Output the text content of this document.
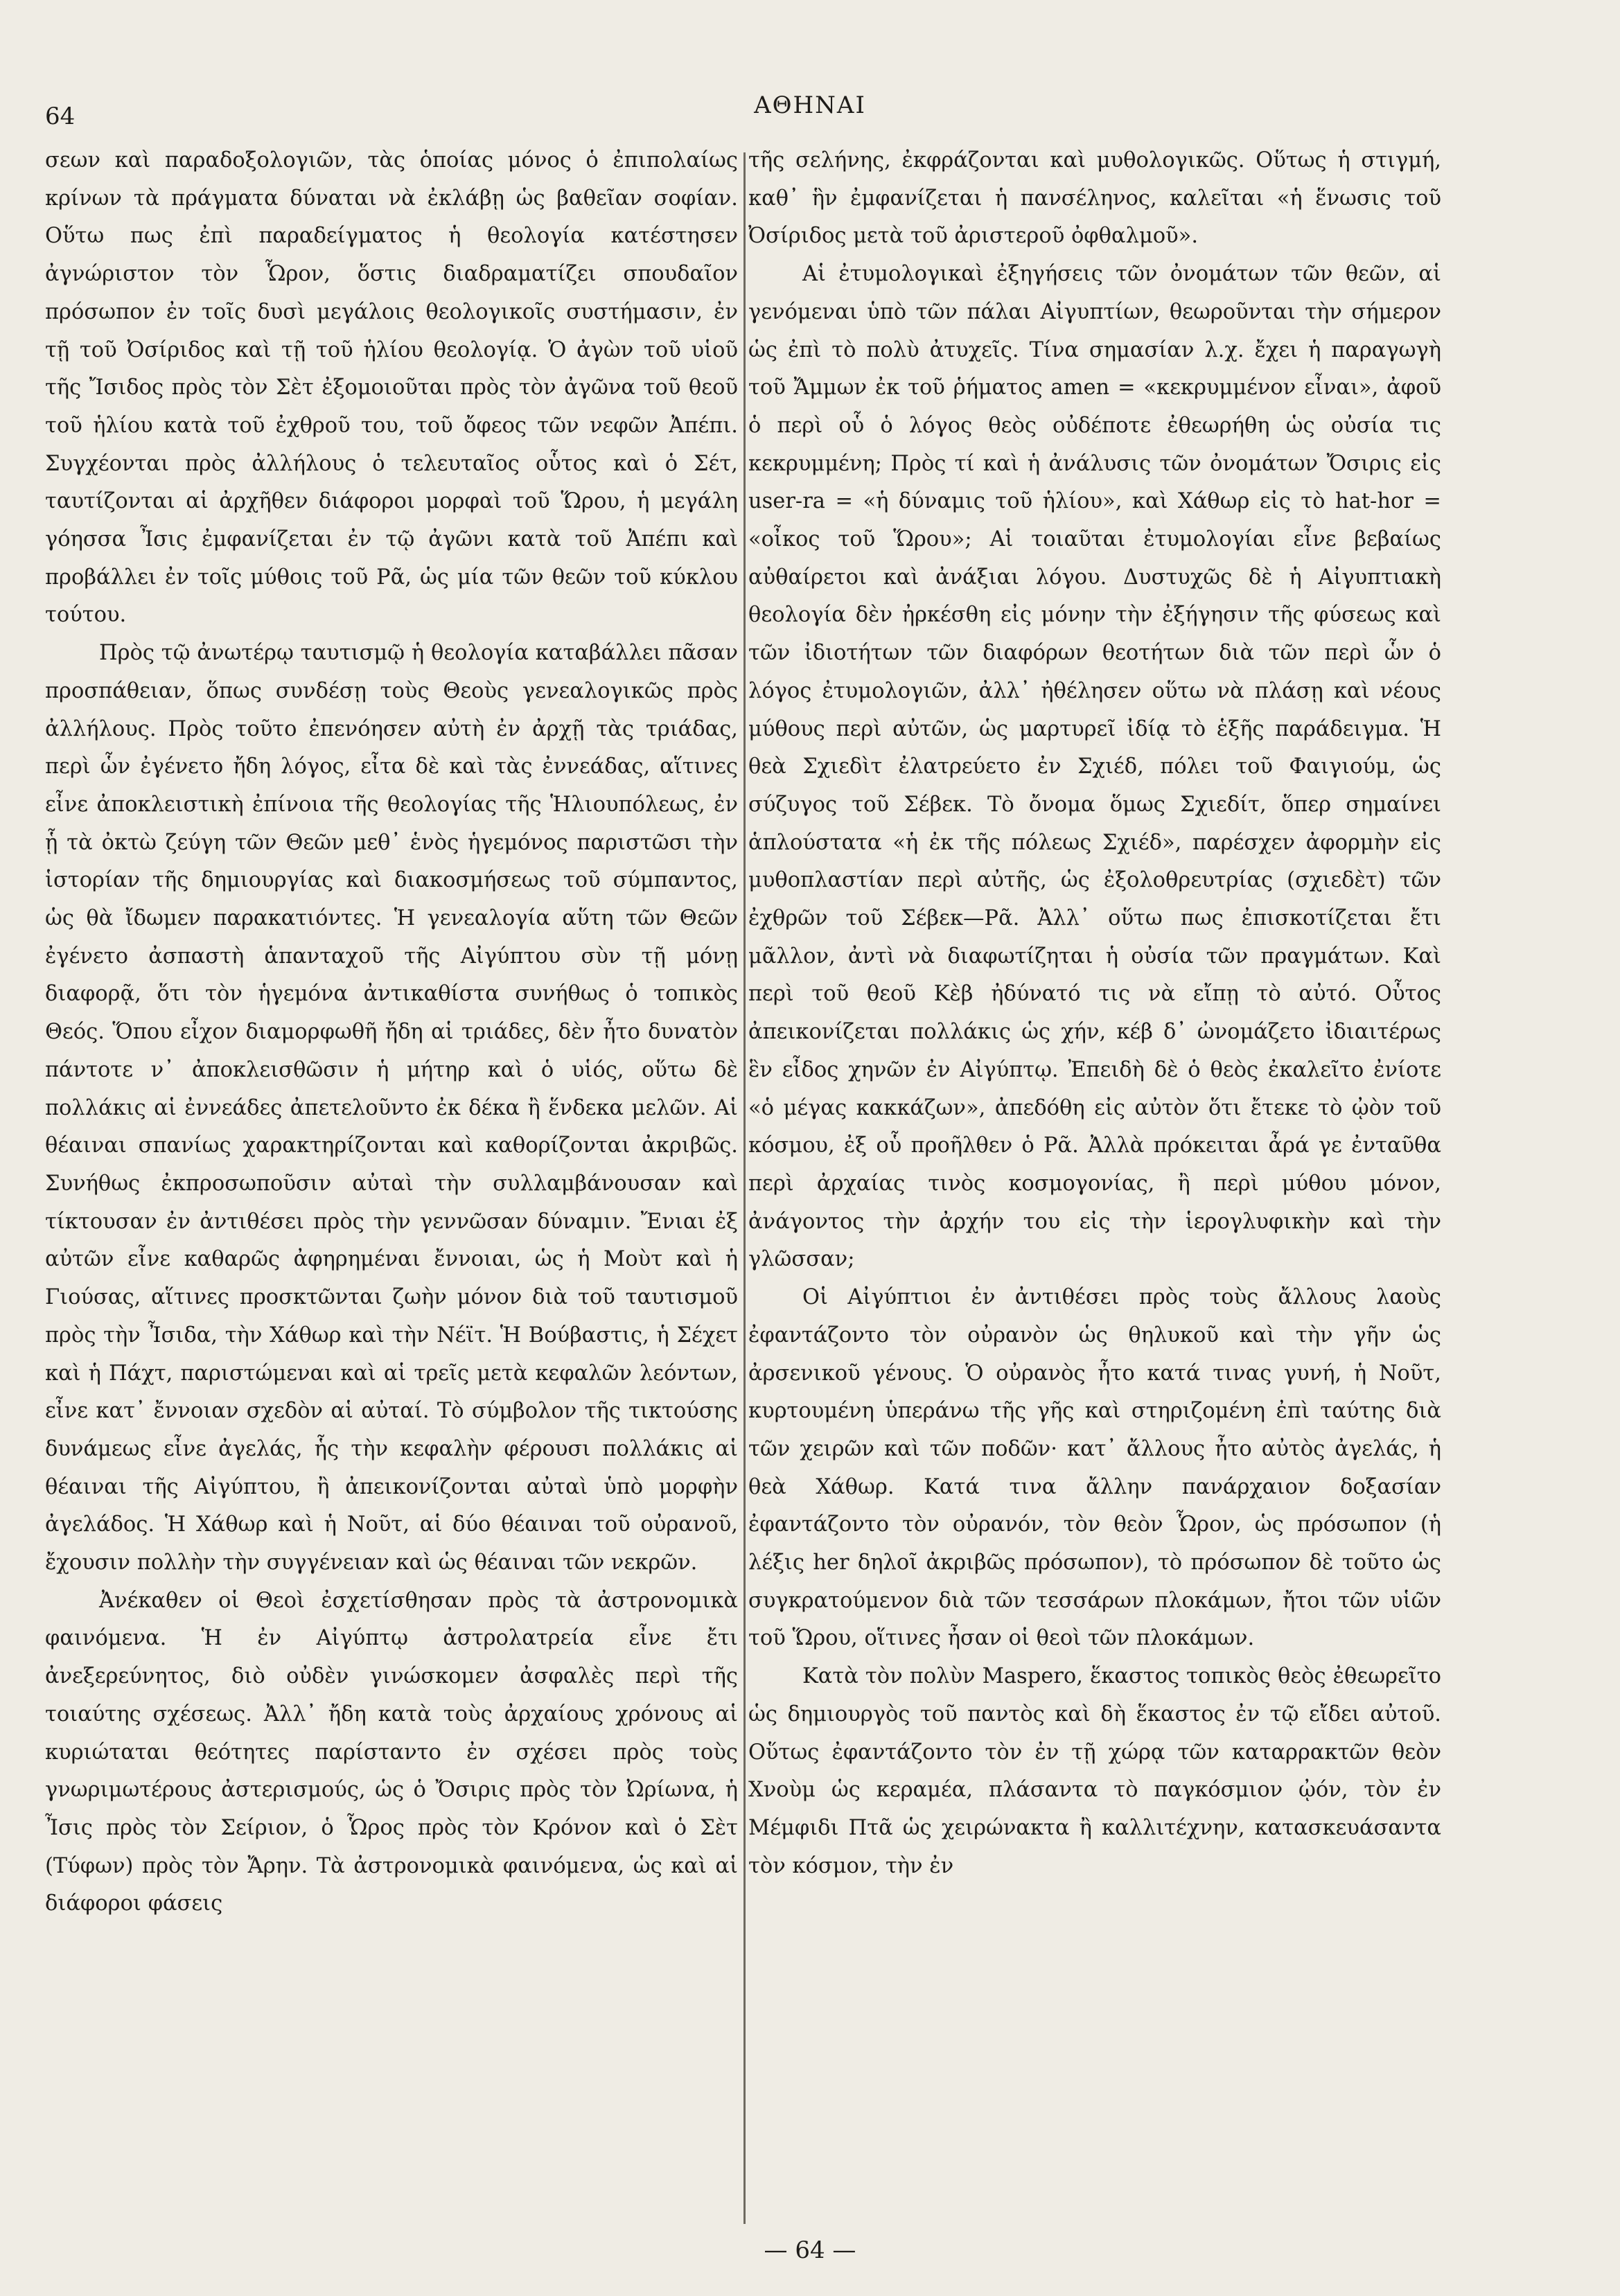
64	ΑΘΗΝΑΙ

σεων καὶ παραδοξολογιῶν, τὰς ὁποίας μόνος ὁ ἐπιπολαίως κρίνων τὰ πράγματα δύναται νὰ ἐκλάβῃ ὡς βαθεῖαν σοφίαν. Οὕτω πως ἐπὶ παραδείγματος ἡ θεολογία κατέστησεν ἀγνώριστον τὸν Ὧρον, ὅστις διαδραματίζει σπουδαῖον πρόσωπον ἐν τοῖς δυσὶ μεγάλοις θεολογικοῖς συστήμασιν, ἐν τῇ τοῦ Ὀσίριδος καὶ τῇ τοῦ ἡλίου θεολογίᾳ. Ὁ ἀγὼν τοῦ υἱοῦ τῆς Ἴσιδος πρὸς τὸν Σὲτ ἐξομοιοῦται πρὸς τὸν ἀγῶνα τοῦ θεοῦ τοῦ ἡλίου κατὰ τοῦ ἐχθροῦ του, τοῦ ὄφεος τῶν νεφῶν Ἀπέπι. Συγχέονται πρὸς ἀλλήλους ὁ τελευταῖος οὗτος καὶ ὁ Σέτ, ταυτίζονται αἱ ἀρχῆθεν διάφοροι μορφαὶ τοῦ Ὥρου, ἡ μεγάλη γόησσα Ἶσις ἐμφανίζεται ἐν τῷ ἀγῶνι κατὰ τοῦ Ἀπέπι καὶ προβάλλει ἐν τοῖς μύθοις τοῦ Ρᾶ, ὡς μία τῶν θεῶν τοῦ κύκλου τούτου.

Πρὸς τῷ ἀνωτέρῳ ταυτισμῷ ἡ θεολογία καταβάλλει πᾶσαν προσπάθειαν, ὅπως συνδέσῃ τοὺς Θεοὺς γενεαλογικῶς πρὸς ἀλλήλους. Πρὸς τοῦτο ἐπενόησεν αὐτὴ ἐν ἀρχῇ τὰς τριάδας, περὶ ὧν ἐγένετο ἤδη λόγος, εἶτα δὲ καὶ τὰς ἐννεάδας, αἵτινες εἶνε ἀποκλειστικὴ ἐπίνοια τῆς θεολογίας τῆς Ἡλιουπόλεως, ἐν ᾗ τὰ ὀκτὼ ζεύγη τῶν Θεῶν μεθ᾽ ἑνὸς ἡγεμόνος παριστῶσι τὴν ἱστορίαν τῆς δημιουργίας καὶ διακοσμήσεως τοῦ σύμπαντος, ὡς θὰ ἴδωμεν παρακατιόντες. Ἡ γενεαλογία αὕτη τῶν Θεῶν ἐγένετο ἀσπαστὴ ἁπανταχοῦ τῆς Αἰγύπτου σὺν τῇ μόνῃ διαφορᾷ, ὅτι τὸν ἡγεμόνα ἀντικαθίστα συνήθως ὁ τοπικὸς Θεός. Ὅπου εἶχον διαμορφωθῆ ἤδη αἱ τριάδες, δὲν ἦτο δυνατὸν πάντοτε ν᾽ ἀποκλεισθῶσιν ἡ μήτηρ καὶ ὁ υἱός, οὕτω δὲ πολλάκις αἱ ἐννεάδες ἀπετελοῦντο ἐκ δέκα ἢ ἕνδεκα μελῶν. Αἱ θέαιναι σπανίως χαρακτηρίζονται καὶ καθορίζονται ἀκριβῶς. Συνήθως ἐκπροσωποῦσιν αὐταὶ τὴν συλλαμβάνουσαν καὶ τίκτουσαν ἐν ἀντιθέσει πρὸς τὴν γεννῶσαν δύναμιν. Ἔνιαι ἐξ αὐτῶν εἶνε καθαρῶς ἀφηρημέναι ἔννοιαι, ὡς ἡ Μοὺτ καὶ ἡ Γιούσας, αἵτινες προσκτῶνται ζωὴν μόνον διὰ τοῦ ταυτισμοῦ πρὸς τὴν Ἶσιδα, τὴν Χάθωρ καὶ τὴν Νέϊτ. Ἡ Βούβαστις, ἡ Σέχετ καὶ ἡ Πάχτ, παριστώμεναι καὶ αἱ τρεῖς μετὰ κεφαλῶν λεόντων, εἶνε κατ᾽ ἔννοιαν σχεδὸν αἱ αὐταί. Τὸ σύμβολον τῆς τικτούσης δυνάμεως εἶνε ἀγελάς, ἧς τὴν κεφαλὴν φέρουσι πολλάκις αἱ θέαιναι τῆς Αἰγύπτου, ἢ ἀπεικονίζονται αὐταὶ ὑπὸ μορφὴν ἀγελάδος. Ἡ Χάθωρ καὶ ἡ Νοῦτ, αἱ δύο θέαιναι τοῦ οὐρανοῦ, ἔχουσιν πολλὴν τὴν συγγένειαν καὶ ὡς θέαιναι τῶν νεκρῶν.

Ἀνέκαθεν οἱ Θεοὶ ἐσχετίσθησαν πρὸς τὰ ἀστρονομικὰ φαινόμενα. Ἡ ἐν Αἰγύπτῳ ἀστρολατρεία εἶνε ἔτι ἀνεξερεύνητος, διὸ οὐδὲν γινώσκομεν ἀσφαλὲς περὶ τῆς τοιαύτης σχέσεως. Ἀλλ᾽ ἤδη κατὰ τοὺς ἀρχαίους χρόνους αἱ κυριώταται θεότητες παρίσταντο ἐν σχέσει πρὸς τοὺς γνωριμωτέρους ἀστερισμούς, ὡς ὁ Ὄσιρις πρὸς τὸν Ὠρίωνα, ἡ Ἶσις πρὸς τὸν Σείριον, ὁ Ὧρος πρὸς τὸν Κρόνον καὶ ὁ Σὲτ (Τύφων) πρὸς τὸν Ἄρην. Τὰ ἀστρονομικὰ φαινόμενα, ὡς καὶ αἱ διάφοροι φάσεις

τῆς σελήνης, ἐκφράζονται καὶ μυθολογικῶς. Οὕτως ἡ στιγμή, καθ᾽ ἣν ἐμφανίζεται ἡ πανσέληνος, καλεῖται «ἡ ἕνωσις τοῦ Ὀσίριδος μετὰ τοῦ ἀριστεροῦ ὀφθαλμοῦ».

Αἱ ἐτυμολογικαὶ ἐξηγήσεις τῶν ὀνομάτων τῶν θεῶν, αἱ γενόμεναι ὑπὸ τῶν πάλαι Αἰγυπτίων, θεωροῦνται τὴν σήμερον ὡς ἐπὶ τὸ πολὺ ἀτυχεῖς. Τίνα σημασίαν λ.χ. ἔχει ἡ παραγωγὴ τοῦ Ἄμμων ἐκ τοῦ ῥήματος amen = «κεκρυμμένον εἶναι», ἀφοῦ ὁ περὶ οὗ ὁ λόγος θεὸς οὐδέποτε ἐθεωρήθη ὡς οὐσία τις κεκρυμμένη; Πρὸς τί καὶ ἡ ἀνάλυσις τῶν ὀνομάτων Ὄσιρις εἰς user-ra = «ἡ δύναμις τοῦ ἡλίου», καὶ Χάθωρ εἰς τὸ hat-hor = «οἶκος τοῦ Ὥρου»; Αἱ τοιαῦται ἐτυμολογίαι εἶνε βεβαίως αὐθαίρετοι καὶ ἀνάξιαι λόγου. Δυστυχῶς δὲ ἡ Αἰγυπτιακὴ θεολογία δὲν ἠρκέσθη εἰς μόνην τὴν ἐξήγησιν τῆς φύσεως καὶ τῶν ἰδιοτήτων τῶν διαφόρων θεοτήτων διὰ τῶν περὶ ὧν ὁ λόγος ἐτυμολογιῶν, ἀλλ᾽ ἠθέλησεν οὕτω νὰ πλάσῃ καὶ νέους μύθους περὶ αὐτῶν, ὡς μαρτυρεῖ ἰδίᾳ τὸ ἑξῆς παράδειγμα. Ἡ θεὰ Σχιεδὶτ ἐλατρεύετο ἐν Σχιέδ, πόλει τοῦ Φαιγιούμ, ὡς σύζυγος τοῦ Σέβεκ. Τὸ ὄνομα ὅμως Σχιεδίτ, ὅπερ σημαίνει ἁπλούστατα «ἡ ἐκ τῆς πόλεως Σχιέδ», παρέσχεν ἀφορμὴν εἰς μυθοπλαστίαν περὶ αὐτῆς, ὡς ἐξολοθρευτρίας (σχιεδὲτ) τῶν ἐχθρῶν τοῦ Σέβεκ—Ρᾶ. Ἀλλ᾽ οὕτω πως ἐπισκοτίζεται ἔτι μᾶλλον, ἀντὶ νὰ διαφωτίζηται ἡ οὐσία τῶν πραγμάτων. Καὶ περὶ τοῦ θεοῦ Κὲβ ἠδύνατό τις νὰ εἴπῃ τὸ αὐτό. Οὗτος ἀπεικονίζεται πολλάκις ὡς χήν, κέβ δ᾽ ὠνομάζετο ἰδιαιτέρως ἓν εἶδος χηνῶν ἐν Αἰγύπτῳ. Ἐπειδὴ δὲ ὁ θεὸς ἐκαλεῖτο ἐνίοτε «ὁ μέγας κακκάζων», ἀπεδόθη εἰς αὐτὸν ὅτι ἔτεκε τὸ ᾠὸν τοῦ κόσμου, ἐξ οὗ προῆλθεν ὁ Ρᾶ. Ἀλλὰ πρόκειται ἆρά γε ἐνταῦθα περὶ ἀρχαίας τινὸς κοσμογονίας, ἢ περὶ μύθου μόνον, ἀνάγοντος τὴν ἀρχήν του εἰς τὴν ἱερογλυφικὴν καὶ τὴν γλῶσσαν;

Οἱ Αἰγύπτιοι ἐν ἀντιθέσει πρὸς τοὺς ἄλλους λαοὺς ἐφαντάζοντο τὸν οὐρανὸν ὡς θηλυκοῦ καὶ τὴν γῆν ὡς ἀρσενικοῦ γένους. Ὁ οὐρανὸς ἦτο κατά τινας γυνή, ἡ Νοῦτ, κυρτουμένη ὑπεράνω τῆς γῆς καὶ στηριζομένη ἐπὶ ταύτης διὰ τῶν χειρῶν καὶ τῶν ποδῶν· κατ᾽ ἄλλους ἦτο αὐτὸς ἀγελάς, ἡ θεὰ Χάθωρ. Κατά τινα ἄλλην πανάρχαιον δοξασίαν ἐφαντάζοντο τὸν οὐρανόν, τὸν θεὸν Ὧρον, ὡς πρόσωπον (ἡ λέξις her δηλοῖ ἀκριβῶς πρόσωπον), τὸ πρόσωπον δὲ τοῦτο ὡς συγκρατούμενον διὰ τῶν τεσσάρων πλοκάμων, ἤτοι τῶν υἱῶν τοῦ Ὥρου, οἵτινες ἦσαν οἱ θεοὶ τῶν πλοκάμων.

Κατὰ τὸν πολὺν Maspero, ἕκαστος τοπικὸς θεὸς ἐθεωρεῖτο ὡς δημιουργὸς τοῦ παντὸς καὶ δὴ ἕκαστος ἐν τῷ εἴδει αὐτοῦ. Οὕτως ἐφαντάζοντο τὸν ἐν τῇ χώρᾳ τῶν καταρρακτῶν θεὸν Χνοὺμ ὡς κεραμέα, πλάσαντα τὸ παγκόσμιον ᾠόν, τὸν ἐν Μέμφιδι Πτᾶ ὡς χειρώνακτα ἢ καλλιτέχνην, κατασκευάσαντα τὸν κόσμον, τὴν ἐν

— 64 —
